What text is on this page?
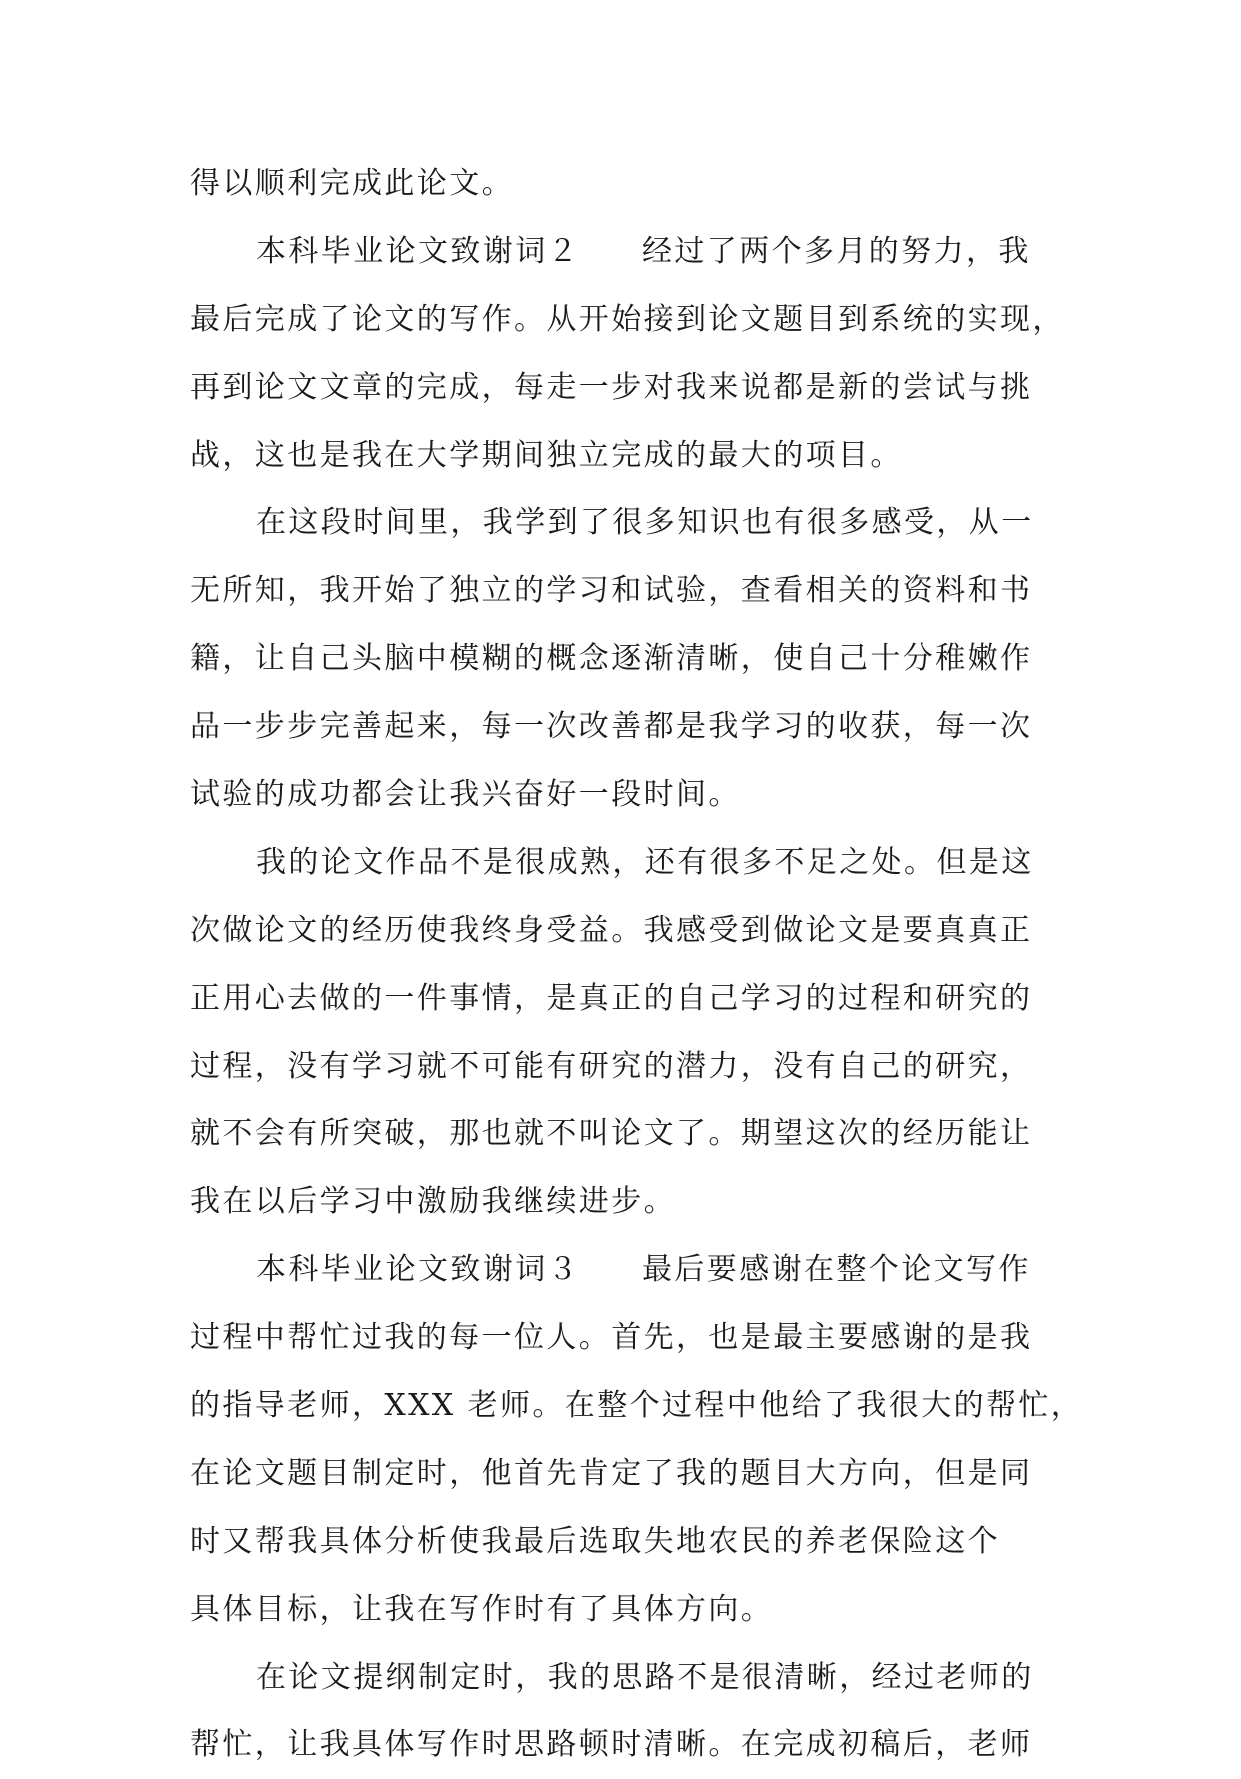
得以顺利完成此论文。
本科毕业论文致谢词２ 经过了两个多月的努力，我
最后完成了论文的写作。从开始接到论文题目到系统的实现，
再到论文文章的完成，每走一步对我来说都是新的尝试与挑
战，这也是我在大学期间独立完成的最大的项目。
在这段时间里，我学到了很多知识也有很多感受，从一
无所知，我开始了独立的学习和试验，查看相关的资料和书
籍，让自己头脑中模糊的概念逐渐清晰，使自己十分稚嫩作
品一步步完善起来，每一次改善都是我学习的收获，每一次
试验的成功都会让我兴奋好一段时间。
我的论文作品不是很成熟，还有很多不足之处。但是这
次做论文的经历使我终身受益。我感受到做论文是要真真正
正用心去做的一件事情，是真正的自己学习的过程和研究的
过程，没有学习就不可能有研究的潜力，没有自己的研究，
就不会有所突破，那也就不叫论文了。期望这次的经历能让
我在以后学习中激励我继续进步。
本科毕业论文致谢词３ 最后要感谢在整个论文写作
过程中帮忙过我的每一位人。首先，也是最主要感谢的是我
的指导老师，XXX 老师。在整个过程中他给了我很大的帮忙，
在论文题目制定时，他首先肯定了我的题目大方向，但是同
时又帮我具体分析使我最后选取失地农民的养老保险这个
具体目标，让我在写作时有了具体方向。
在论文提纲制定时，我的思路不是很清晰，经过老师的
帮忙，让我具体写作时思路顿时清晰。在完成初稿后，老师
